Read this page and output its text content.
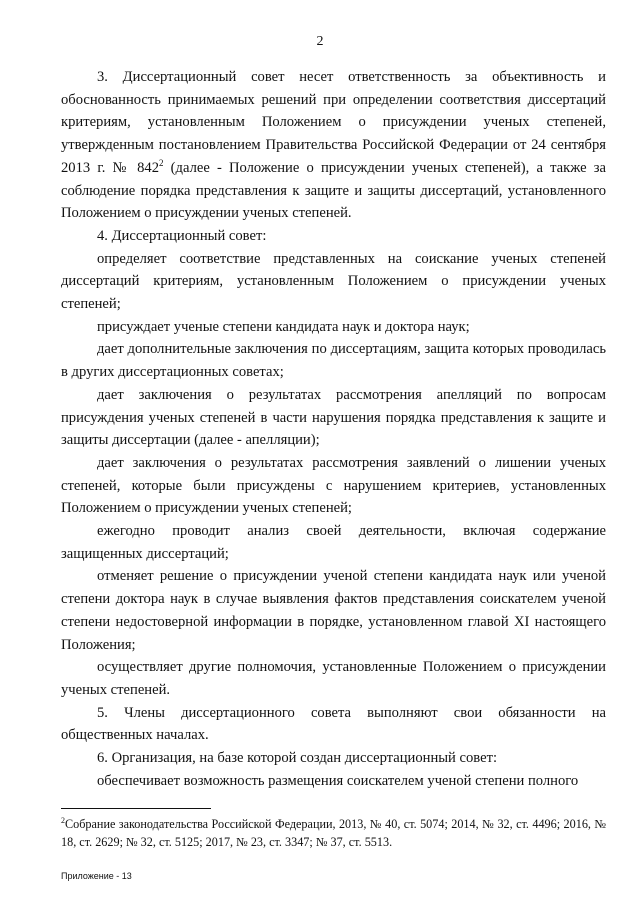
2

3. Диссертационный совет несет ответственность за объективность и обоснованность принимаемых решений при определении соответствия диссертаций критериям, установленным Положением о присуждении ученых степеней, утвержденным постановлением Правительства Российской Федерации от 24 сентября 2013 г. № $842^2$ (далее - Положение о присуждении ученых степеней), а также за соблюдение порядка представления к защите и защиты диссертаций, установленного Положением о присуждении ученых степеней.

4. Диссертационный совет:

определяет соответствие представленных на соискание ученых степеней диссертаций критериям, установленным Положением о присуждении ученых степеней;

присуждает ученые степени кандидата наук и доктора наук;

дает дополнительные заключения по диссертациям, защита которых проводилась в других диссертационных советах;

дает заключения о результатах рассмотрения апелляций по вопросам присуждения ученых степеней в части нарушения порядка представления к защите и защиты диссертации (далее - апелляции);

дает заключения о результатах рассмотрения заявлений о лишении ученых степеней, которые были присуждены с нарушением критериев, установленных Положением о присуждении ученых степеней;

ежегодно проводит анализ своей деятельности, включая содержание защищенных диссертаций;

отменяет решение о присуждении ученой степени кандидата наук или ученой степени доктора наук в случае выявления фактов представления соискателем ученой степени недостоверной информации в порядке, установленном главой XI настоящего Положения;

осуществляет другие полномочия, установленные Положением о присуждении ученых степеней.

5. Члены диссертационного совета выполняют свои обязанности на общественных началах.

6. Организация, на базе которой создан диссертационный совет:

обеспечивает возможность размещения соискателем ученой степени полного

$^2$Собрание законодательства Российской Федерации, 2013, № 40, ст. 5074; 2014, № 32, ст. 4496; 2016, № 18, ст. 2629; № 32, ст. 5125; 2017, № 23, ст. 3347; № 37, ст. 5513.
Приложение - 13
